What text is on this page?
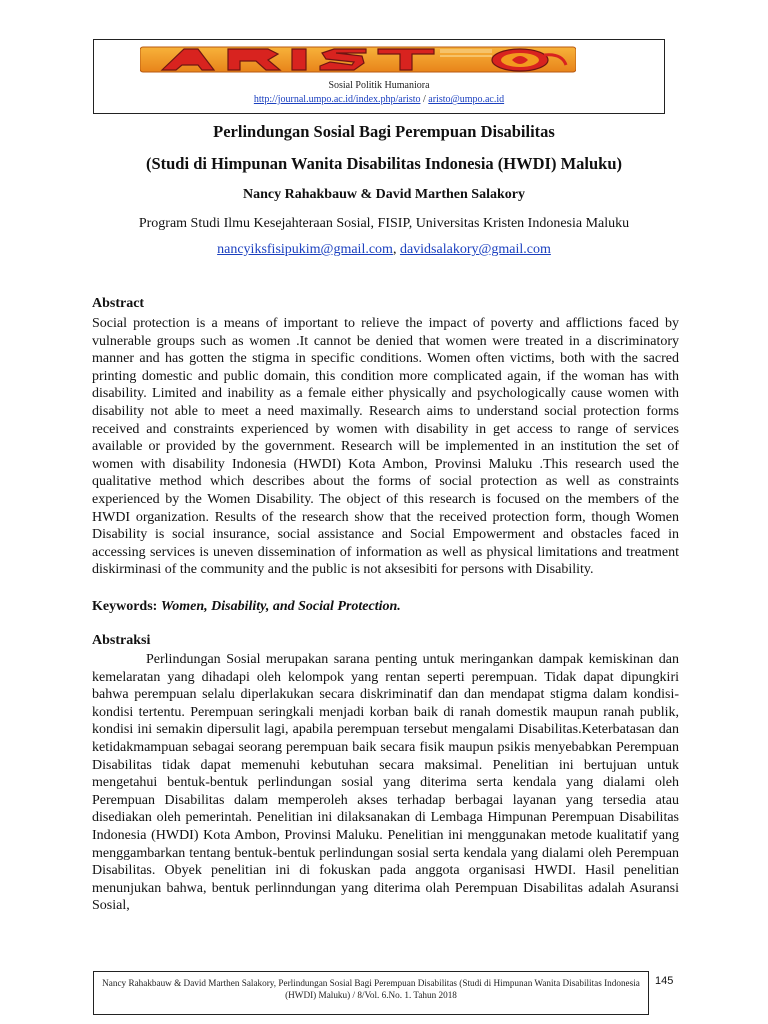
Sosial Politik Humaniora
http://journal.umpo.ac.id/index.php/aristo / aristo@umpo.ac.id
Perlindungan Sosial Bagi Perempuan Disabilitas
(Studi di Himpunan Wanita Disabilitas Indonesia (HWDI) Maluku)
Nancy Rahakbauw & David Marthen Salakory
Program Studi Ilmu Kesejahteraan Sosial, FISIP, Universitas Kristen Indonesia Maluku
nancyiksfisipukim@gmail.com, davidsalakory@gmail.com
Abstract
Social protection is a means of important to relieve the impact of poverty and afflictions faced by vulnerable groups such as women .It cannot be denied that women were treated in a discriminatory manner and has gotten the stigma in specific conditions. Women often victims, both with the sacred printing domestic and public domain, this condition more complicated again, if the woman has with disability. Limited and inability as a female either physically and psychologically cause women with disability not able to meet a need maximally. Research aims to understand social protection forms received and constraints experienced by women with disability in get access to range of services available or provided by the government. Research will be implemented in an institution the set of women with disability Indonesia (HWDI) Kota Ambon, Provinsi Maluku .This research used the qualitative method which describes about the forms of social protection as well as constraints experienced by the Women Disability. The object of this research is focused on the members of the HWDI organization. Results of the research show that the received protection form, though Women Disability is social insurance, social assistance and Social Empowerment and obstacles faced in accessing services is uneven dissemination of information as well as physical limitations and treatment diskirminasi of the community and the public is not aksesibiti for persons with Disability.
Keywords: Women, Disability, and Social Protection.
Abstraksi
Perlindungan Sosial merupakan sarana penting untuk meringankan dampak kemiskinan dan kemelaratan yang dihadapi oleh kelompok yang rentan seperti perempuan. Tidak dapat dipungkiri bahwa perempuan selalu diperlakukan secara diskriminatif dan dan mendapat stigma dalam kondisi-kondisi tertentu. Perempuan seringkali menjadi korban baik di ranah domestik maupun ranah publik, kondisi ini semakin dipersulit lagi, apabila perempuan tersebut mengalami Disabilitas.Keterbatasan dan ketidakmampuan sebagai seorang perempuan baik secara fisik maupun psikis menyebabkan Perempuan Disabilitas tidak dapat memenuhi kebutuhan secara maksimal. Penelitian ini bertujuan untuk mengetahui bentuk-bentuk perlindungan sosial yang diterima serta kendala yang dialami oleh Perempuan Disabilitas dalam memperoleh akses terhadap berbagai layanan yang tersedia atau disediakan oleh pemerintah. Penelitian ini dilaksanakan di Lembaga Himpunan Perempuan Disabilitas Indonesia (HWDI) Kota Ambon, Provinsi Maluku. Penelitian ini menggunakan metode kualitatif yang menggambarkan tentang bentuk-bentuk perlindungan sosial serta kendala yang dialami oleh Perempuan Disabilitas. Obyek penelitian ini di fokuskan pada anggota organisasi HWDI. Hasil penelitian menunjukan bahwa, bentuk perlinndungan yang diterima olah Perempuan Disabilitas adalah Asuransi Sosial,
Nancy Rahakbauw & David Marthen Salakory, Perlindungan Sosial Bagi Perempuan Disabilitas (Studi di Himpunan Wanita Disabilitas Indonesia (HWDI) Maluku) / 8/Vol. 6.No. 1. Tahun 2018
145
